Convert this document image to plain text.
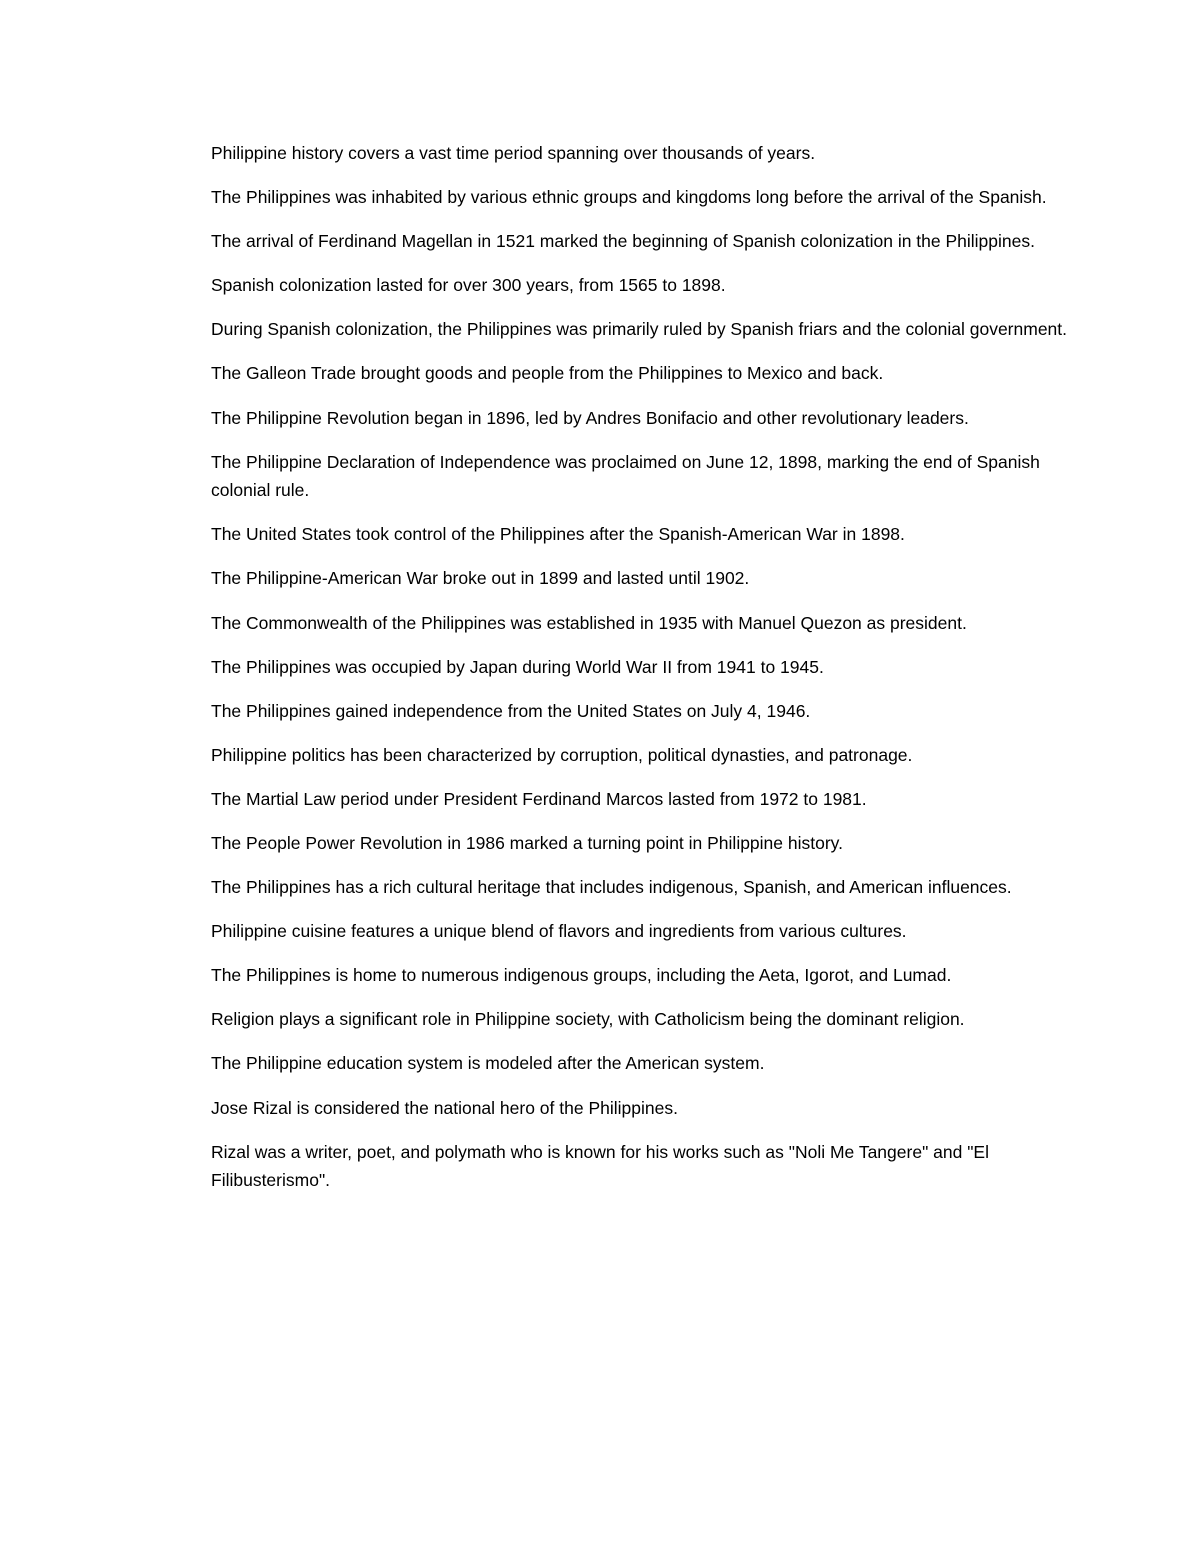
Philippine history covers a vast time period spanning over thousands of years.

The Philippines was inhabited by various ethnic groups and kingdoms long before the arrival of the Spanish.

The arrival of Ferdinand Magellan in 1521 marked the beginning of Spanish colonization in the Philippines.

Spanish colonization lasted for over 300 years, from 1565 to 1898.

During Spanish colonization, the Philippines was primarily ruled by Spanish friars and the colonial government.

The Galleon Trade brought goods and people from the Philippines to Mexico and back.

The Philippine Revolution began in 1896, led by Andres Bonifacio and other revolutionary leaders.

The Philippine Declaration of Independence was proclaimed on June 12, 1898, marking the end of Spanish colonial rule.

The United States took control of the Philippines after the Spanish-American War in 1898.

The Philippine-American War broke out in 1899 and lasted until 1902.

The Commonwealth of the Philippines was established in 1935 with Manuel Quezon as president.

The Philippines was occupied by Japan during World War II from 1941 to 1945.

The Philippines gained independence from the United States on July 4, 1946.

Philippine politics has been characterized by corruption, political dynasties, and patronage.

The Martial Law period under President Ferdinand Marcos lasted from 1972 to 1981.

The People Power Revolution in 1986 marked a turning point in Philippine history.

The Philippines has a rich cultural heritage that includes indigenous, Spanish, and American influences.

Philippine cuisine features a unique blend of flavors and ingredients from various cultures.

The Philippines is home to numerous indigenous groups, including the Aeta, Igorot, and Lumad.

Religion plays a significant role in Philippine society, with Catholicism being the dominant religion.

The Philippine education system is modeled after the American system.

Jose Rizal is considered the national hero of the Philippines.

Rizal was a writer, poet, and polymath who is known for his works such as "Noli Me Tangere" and "El Filibusterismo".
